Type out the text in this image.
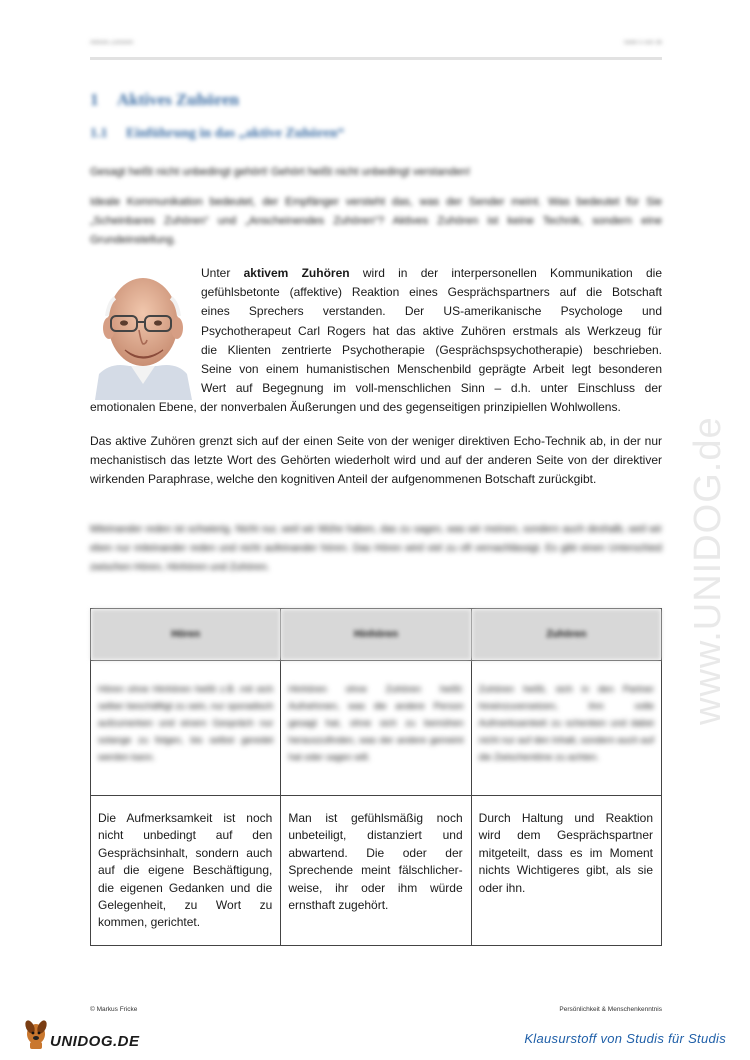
Aktives Zuhören	Seite 5 von 36
1 Aktives Zuhören
1.1 Einführung in das „aktive Zuhören“
Gesagt heißt nicht unbedingt gehört! Gehört heißt nicht unbedingt verstanden!
Ideale Kommunikation bedeutet, der Empfänger versteht das, was der Sender meint. Was bedeutet für Sie „Scheinbares Zuhören“ und „Anscheinendes Zuhören“? Aktives Zuhören ist keine Technik, sondern eine Grundeinstellung.
Unter aktivem Zuhören wird in der interpersonellen Kommunikation die
gefühlsbetonte (affektive) Reaktion eines Gesprächspartners auf die Botschaft
eines Sprechers verstanden. Der US-amerikanische Psychologe und
Psychotherapeut Carl Rogers hat das aktive Zuhören erstmals als Werkzeug für
die Klienten zentrierte Psychotherapie (Gesprächspsychotherapie) beschrieben.
Seine von einem humanistischen Menschenbild geprägte Arbeit legt besonderen
Wert auf Begegnung im voll-menschlichen Sinn – d.h. unter Einschluss der
emotionalen Ebene, der nonverbalen Äußerungen und des gegenseitigen prinzipiellen Wohlwollens.
Das aktive Zuhören grenzt sich auf der einen Seite von der weniger direktiven Echo-Technik ab, in der nur mechanistisch das letzte Wort des Gehörten wiederholt wird und auf der anderen Seite von der direktiver wirkenden Paraphrase, welche den kognitiven Anteil der aufgenommenen Botschaft zurückgibt.
Miteinander reden ist schwierig. Nicht nur, weil wir Mühe haben, das zu sagen, was wir meinen, sondern auch deshalb, weil wir eben nur miteinander reden und nicht aufeinander hören. Das Hören wird viel zu oft vernachlässigt. Es gibt einen Unterschied zwischen Hören, Hinhören und Zuhören.	www.UNIDOG.de
Hören	Hinhören	Zuhören
Hören ohne Hinhören heißt z.B. mit sich selber beschäftigt zu sein, nur sporadisch aufzumerken und einem Gespräch nur solange zu folgen, bis selbst geredet werden kann.	Hinhören ohne Zuhören heißt: Aufnehmen, was die andere Person gesagt hat, ohne sich zu bemühen herauszufinden, was der andere gemeint hat oder sagen will.	Zuhören heißt, sich in den Partner hineinzuversetzen, ihm volle Aufmerksamkeit zu schenken und dabei nicht nur auf den Inhalt, sondern auch auf die Zwischentöne zu achten.
Die Aufmerksamkeit ist noch nicht unbedingt auf den Gesprächsinhalt, sondern auch auf die eigene Beschäftigung, die eigenen Gedanken und die Gelegenheit, zu Wort zu kommen, gerichtet.	Man ist gefühlsmäßig noch unbeteiligt, distanziert und abwartend. Die oder der Sprechende meint fälschlicher-weise, ihr oder ihm würde ernsthaft zugehört.	Durch Haltung und Reaktion wird dem Gesprächspartner mitgeteilt, dass es im Moment nichts Wichtigeres gibt, als sie oder ihn.
© Markus Fricke	Persönlichkeit & Menschenkenntnis
UNIDOG.DE	Klausurstoff von Studis für Studis
